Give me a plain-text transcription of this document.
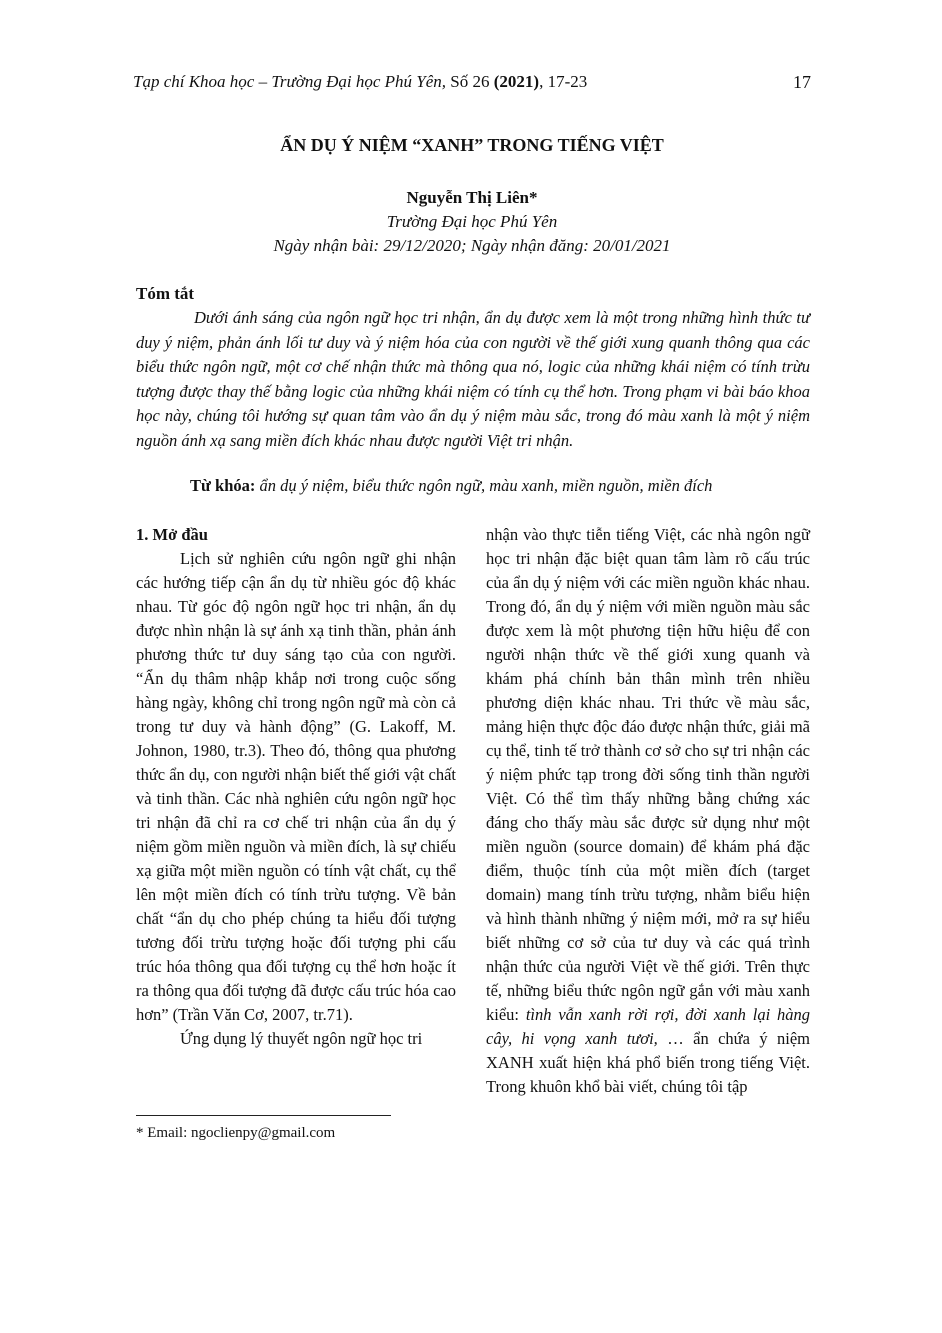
Tạp chí Khoa học – Trường Đại học Phú Yên, Số 26 (2021), 17-23	17
ẨN DỤ Ý NIỆM “XANH” TRONG TIẾNG VIỆT
Nguyễn Thị Liên*
Trường Đại học Phú Yên
Ngày nhận bài: 29/12/2020; Ngày nhận đăng: 20/01/2021
Tóm tắt

Dưới ánh sáng của ngôn ngữ học tri nhận, ẩn dụ được xem là một trong những hình thức tư duy ý niệm, phản ánh lối tư duy và ý niệm hóa của con người về thế giới xung quanh thông qua các biểu thức ngôn ngữ, một cơ chế nhận thức mà thông qua nó, logic của những khái niệm có tính trừu tượng được thay thế bằng logic của những khái niệm có tính cụ thể hơn. Trong phạm vi bài báo khoa học này, chúng tôi hướng sự quan tâm vào ẩn dụ ý niệm màu sắc, trong đó màu xanh là một ý niệm nguồn ánh xạ sang miền đích khác nhau được người Việt tri nhận.

Từ khóa: ẩn dụ ý niệm, biểu thức ngôn ngữ, màu xanh, miền nguồn, miền đích
1. Mở đầu

Lịch sử nghiên cứu ngôn ngữ ghi nhận các hướng tiếp cận ẩn dụ từ nhiều góc độ khác nhau. Từ góc độ ngôn ngữ học tri nhận, ẩn dụ được nhìn nhận là sự ánh xạ tinh thần, phản ánh phương thức tư duy sáng tạo của con người. “Ẩn dụ thâm nhập khắp nơi trong cuộc sống hàng ngày, không chỉ trong ngôn ngữ mà còn cả trong tư duy và hành động” (G. Lakoff, M. Johnon, 1980, tr.3). Theo đó, thông qua phương thức ẩn dụ, con người nhận biết thế giới vật chất và tinh thần. Các nhà nghiên cứu ngôn ngữ học tri nhận đã chỉ ra cơ chế tri nhận của ẩn dụ ý niệm gồm miền nguồn và miền đích, là sự chiếu xạ giữa một miền nguồn có tính vật chất, cụ thể lên một miền đích có tính trừu tượng. Về bản chất “ẩn dụ cho phép chúng ta hiểu đối tượng tương đối trừu tượng hoặc đối tượng phi cấu trúc hóa thông qua đối tượng cụ thể hơn hoặc ít ra thông qua đối tượng đã được cấu trúc hóa cao hơn” (Trần Văn Cơ, 2007, tr.71).

Ứng dụng lý thuyết ngôn ngữ học tri

nhận vào thực tiễn tiếng Việt, các nhà ngôn ngữ học tri nhận đặc biệt quan tâm làm rõ cấu trúc của ẩn dụ ý niệm với các miền nguồn khác nhau. Trong đó, ẩn dụ ý niệm với miền nguồn màu sắc được xem là một phương tiện hữu hiệu để con người nhận thức về thế giới xung quanh và khám phá chính bản thân mình trên nhiều phương diện khác nhau. Tri thức về màu sắc, mảng hiện thực độc đáo được nhận thức, giải mã cụ thể, tinh tế trở thành cơ sở cho sự tri nhận các ý niệm phức tạp trong đời sống tinh thần người Việt. Có thể tìm thấy những bằng chứng xác đáng cho thấy màu sắc được sử dụng như một miền nguồn (source domain) để khám phá đặc điểm, thuộc tính của một miền đích (target domain) mang tính trừu tượng, nhằm biểu hiện và hình thành những ý niệm mới, mở ra sự hiểu biết những cơ sở của tư duy và các quá trình nhận thức của người Việt về thế giới. Trên thực tế, những biểu thức ngôn ngữ gắn với màu xanh kiểu: tình vẫn xanh rời rợi, đời xanh lại hàng cây, hi vọng xanh tươi, … ẩn chứa ý niệm XANH xuất hiện khá phổ biến trong tiếng Việt. Trong khuôn khổ bài viết, chúng tôi tập

* Email: ngoclienpy@gmail.com
